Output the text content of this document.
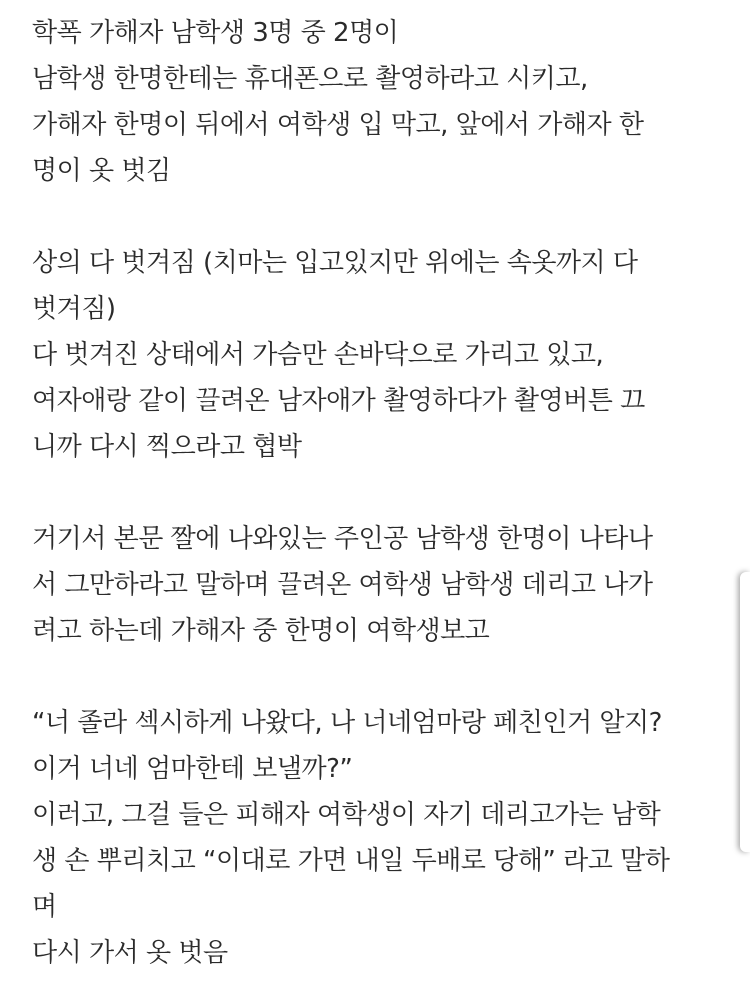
학폭 가해자 남학생 3명 중 2명이
남학생 한명한테는 휴대폰으로 촬영하라고 시키고,
가해자 한명이 뒤에서 여학생 입 막고, 앞에서 가해자 한
명이 옷 벗김
상의 다 벗겨짐 (치마는 입고있지만 위에는 속옷까지 다
벗겨짐)
다 벗겨진 상태에서 가슴만 손바닥으로 가리고 있고,
여자애랑 같이 끌려온 남자애가 촬영하다가 촬영버튼 끄
니까 다시 찍으라고 협박
거기서 본문 짤에 나와있는 주인공 남학생 한명이 나타나
서 그만하라고 말하며 끌려온 여학생 남학생 데리고 나가
려고 하는데 가해자 중 한명이 여학생보고
“너 졸라 섹시하게 나왔다, 나 너네엄마랑 페친인거 알지?
이거 너네 엄마한테 보낼까?”
이러고, 그걸 들은 피해자 여학생이 자기 데리고가는 남학
생 손 뿌리치고 “이대로 가면 내일 두배로 당해” 라고 말하
며
다시 가서 옷 벗음
